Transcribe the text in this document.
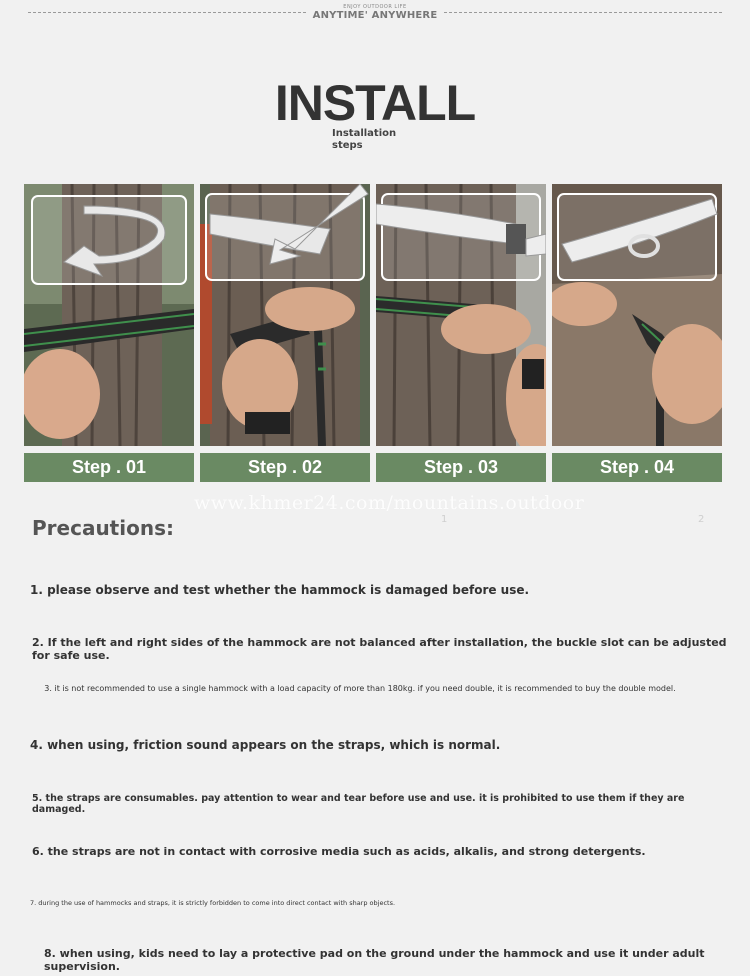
ENJOY OUTDOOR LIFE
ANYTIME' ANYWHERE
INSTALL
Installation
steps
Step . 01	Step . 02	Step . 03	Step . 04
www.khmer24.com/mountains.outdoor
1	2
Precautions:
1. please observe and test whether the hammock is damaged before use.
2. If the left and right sides of the hammock are not balanced after installation, the buckle slot can be adjusted for safe use.
3. it is not recommended to use a single hammock with a load capacity of more than 180kg. if you need double, it is recommended to buy the double model.
4. when using, friction sound appears on the straps, which is normal.
5. the straps are consumables. pay attention to wear and tear before use and use. it is prohibited to use them if they are damaged.
6. the straps are not in contact with corrosive media such as acids, alkalis, and strong detergents.
7. during the use of hammocks and straps, it is strictly forbidden to come into direct contact with sharp objects.
8. when using, kids need to lay a protective pad on the ground under the hammock and use it under adult supervision.
